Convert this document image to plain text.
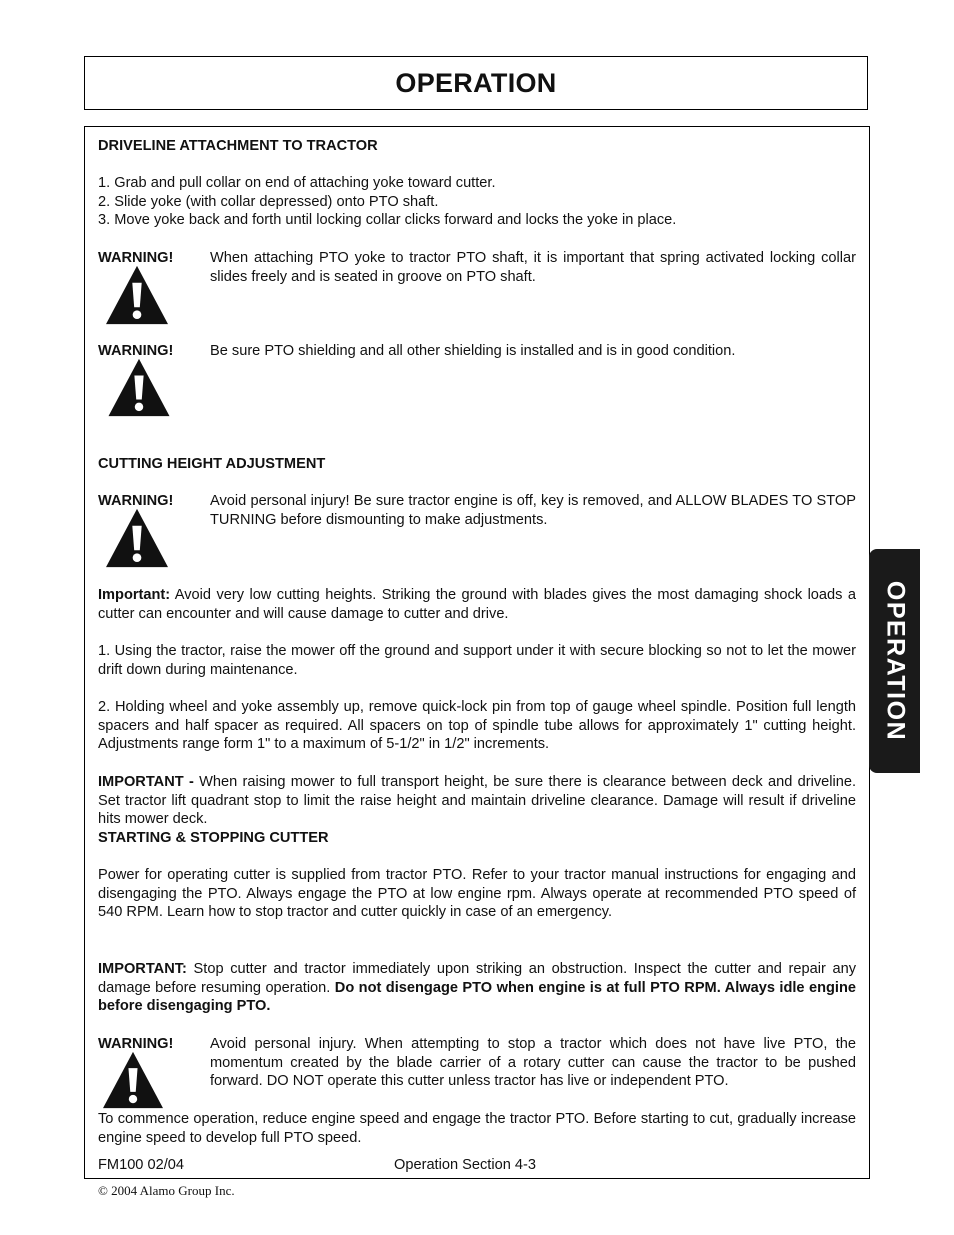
OPERATION

DRIVELINE ATTACHMENT TO TRACTOR

1. Grab and pull collar on end of attaching yoke toward cutter.
2. Slide yoke (with collar depressed) onto PTO shaft.
3. Move yoke back and forth until locking collar clicks forward and locks the yoke in place.

WARNING!	When attaching PTO yoke to tractor PTO shaft, it is important that spring activated locking collar slides freely and is seated in groove on PTO shaft.

WARNING!	Be sure PTO shielding and all other shielding is installed and is in good condition.

CUTTING HEIGHT ADJUSTMENT

WARNING!	Avoid personal injury! Be sure tractor engine is off, key is removed, and ALLOW BLADES TO STOP TURNING before dismounting to make adjustments.

Important: Avoid very low cutting heights. Striking the ground with blades gives the most damaging shock loads a cutter can encounter and will cause damage to cutter and drive.

1. Using the tractor, raise the mower off the ground and support under it with secure blocking so not to let the mower drift down during maintenance.

2. Holding wheel and yoke assembly up, remove quick-lock pin from top of gauge wheel spindle. Position full length spacers and half spacer as required. All spacers on top of spindle tube allows for approximately 1" cutting height. Adjustments range form 1" to a maximum of 5-1/2" in 1/2" increments.

IMPORTANT - When raising mower to full transport height, be sure there is clearance between deck and driveline. Set tractor lift quadrant stop to limit the raise height and maintain driveline clearance. Damage will result if driveline hits mower deck.

STARTING & STOPPING CUTTER

Power for operating cutter is supplied from tractor PTO. Refer to your tractor manual instructions for engaging and disengaging the PTO. Always engage the PTO at low engine rpm. Always operate at recommended PTO speed of 540 RPM. Learn how to stop tractor and cutter quickly in case of an emergency.

IMPORTANT: Stop cutter and tractor immediately upon striking an obstruction. Inspect the cutter and repair any damage before resuming operation. Do not disengage PTO when engine is at full PTO RPM. Always idle engine before disengaging PTO.

WARNING!	Avoid personal injury. When attempting to stop a tractor which does not have live PTO, the momentum created by the blade carrier of a rotary cutter can cause the tractor to be pushed forward. DO NOT operate this cutter unless tractor has live or independent PTO.

To commence operation, reduce engine speed and engage the tractor PTO. Before starting to cut, gradually increase engine speed to develop full PTO speed.

FM100 02/04	Operation Section 4-3
© 2004 Alamo Group Inc.
OPERATION
